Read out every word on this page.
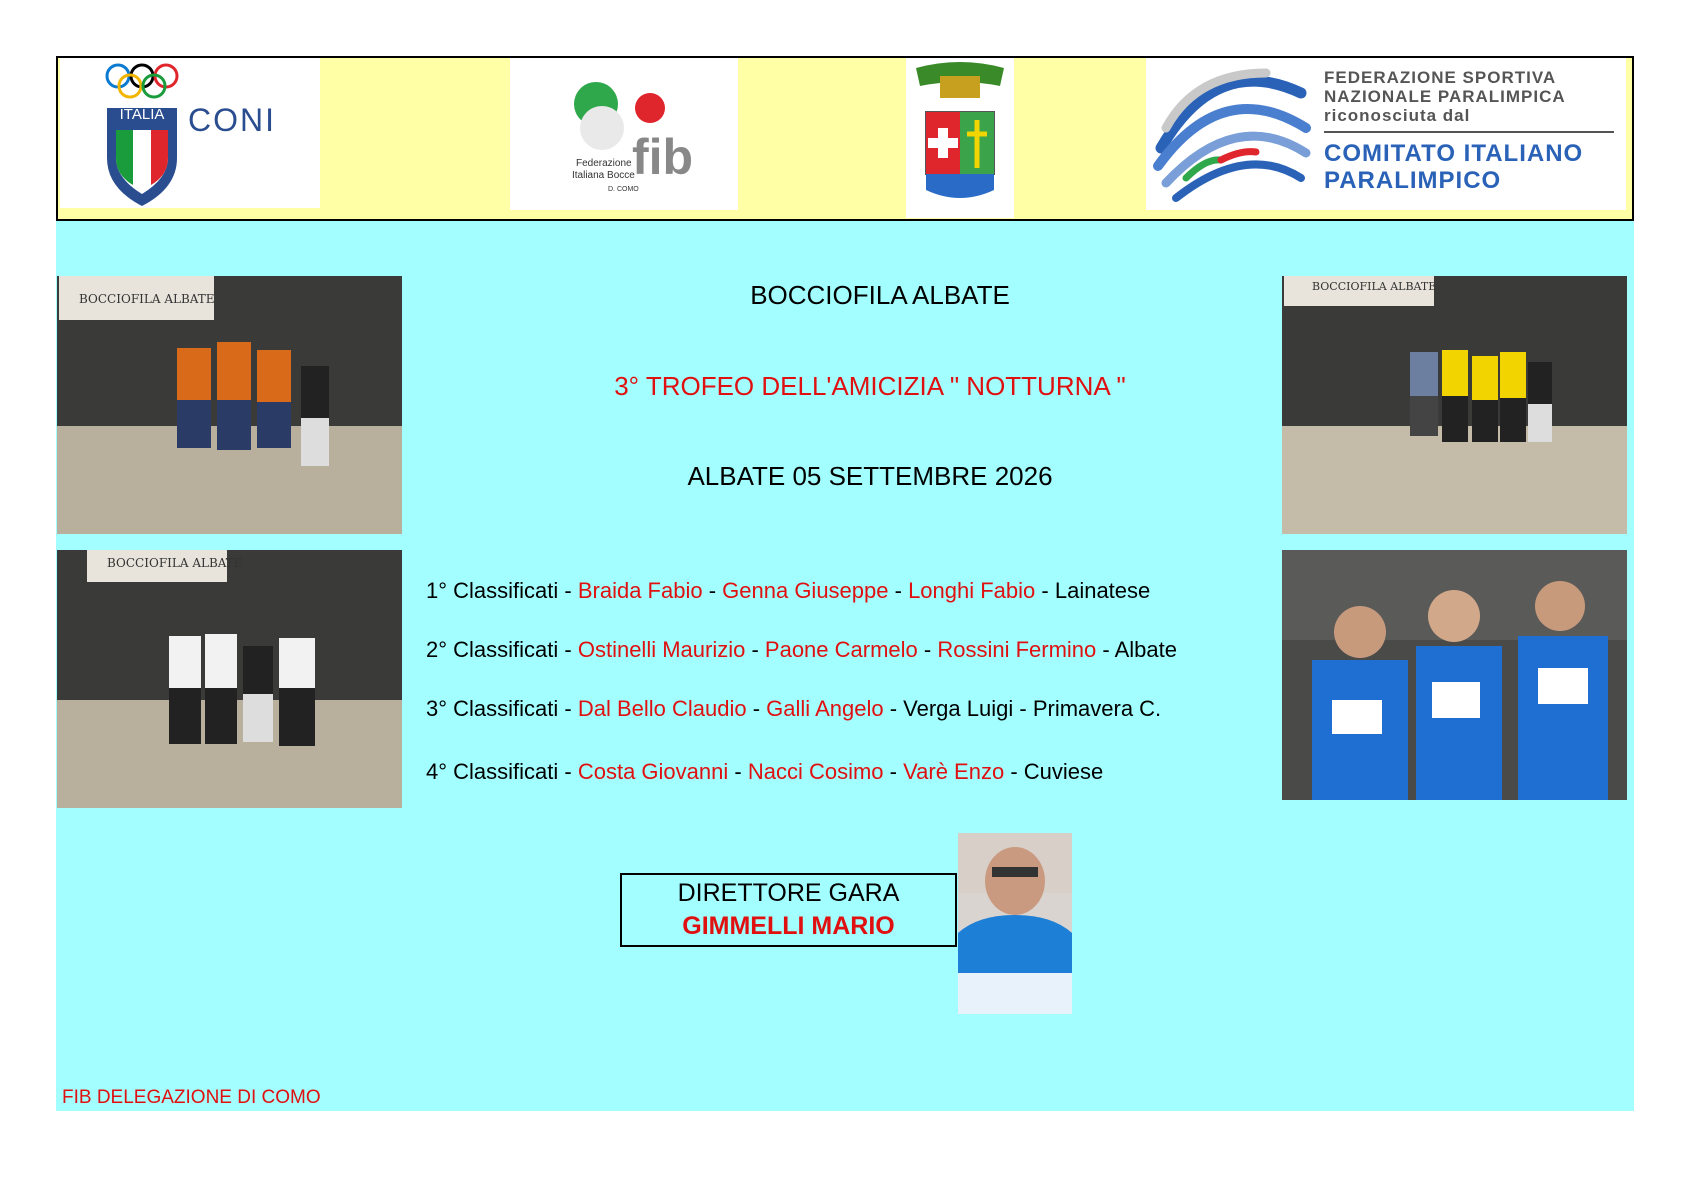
ITALIA CONI
fib
Federazione
Italiana Bocce
D. COMO
FEDERAZIONE SPORTIVA
NAZIONALE PARALIMPICA
riconosciuta dal
COMITATO ITALIANO
PARALIMPICO
BOCCIOFILA ALBATE
BOCCIOFILA ALBATE
BOCCIOFILA ALBATE
BOCCIOFILA ALBATE
3° TROFEO DELL'AMICIZIA " NOTTURNA "
ALBATE 05 SETTEMBRE 2026
1° Classificati - Braida Fabio - Genna Giuseppe - Longhi Fabio - Lainatese
2° Classificati - Ostinelli Maurizio - Paone Carmelo - Rossini Fermino - Albate
3° Classificati - Dal Bello Claudio - Galli Angelo - Verga Luigi - Primavera C.
4° Classificati - Costa Giovanni - Nacci Cosimo - Varè Enzo - Cuviese
DIRETTORE GARA
GIMMELLI MARIO
FIB DELEGAZIONE DI COMO
